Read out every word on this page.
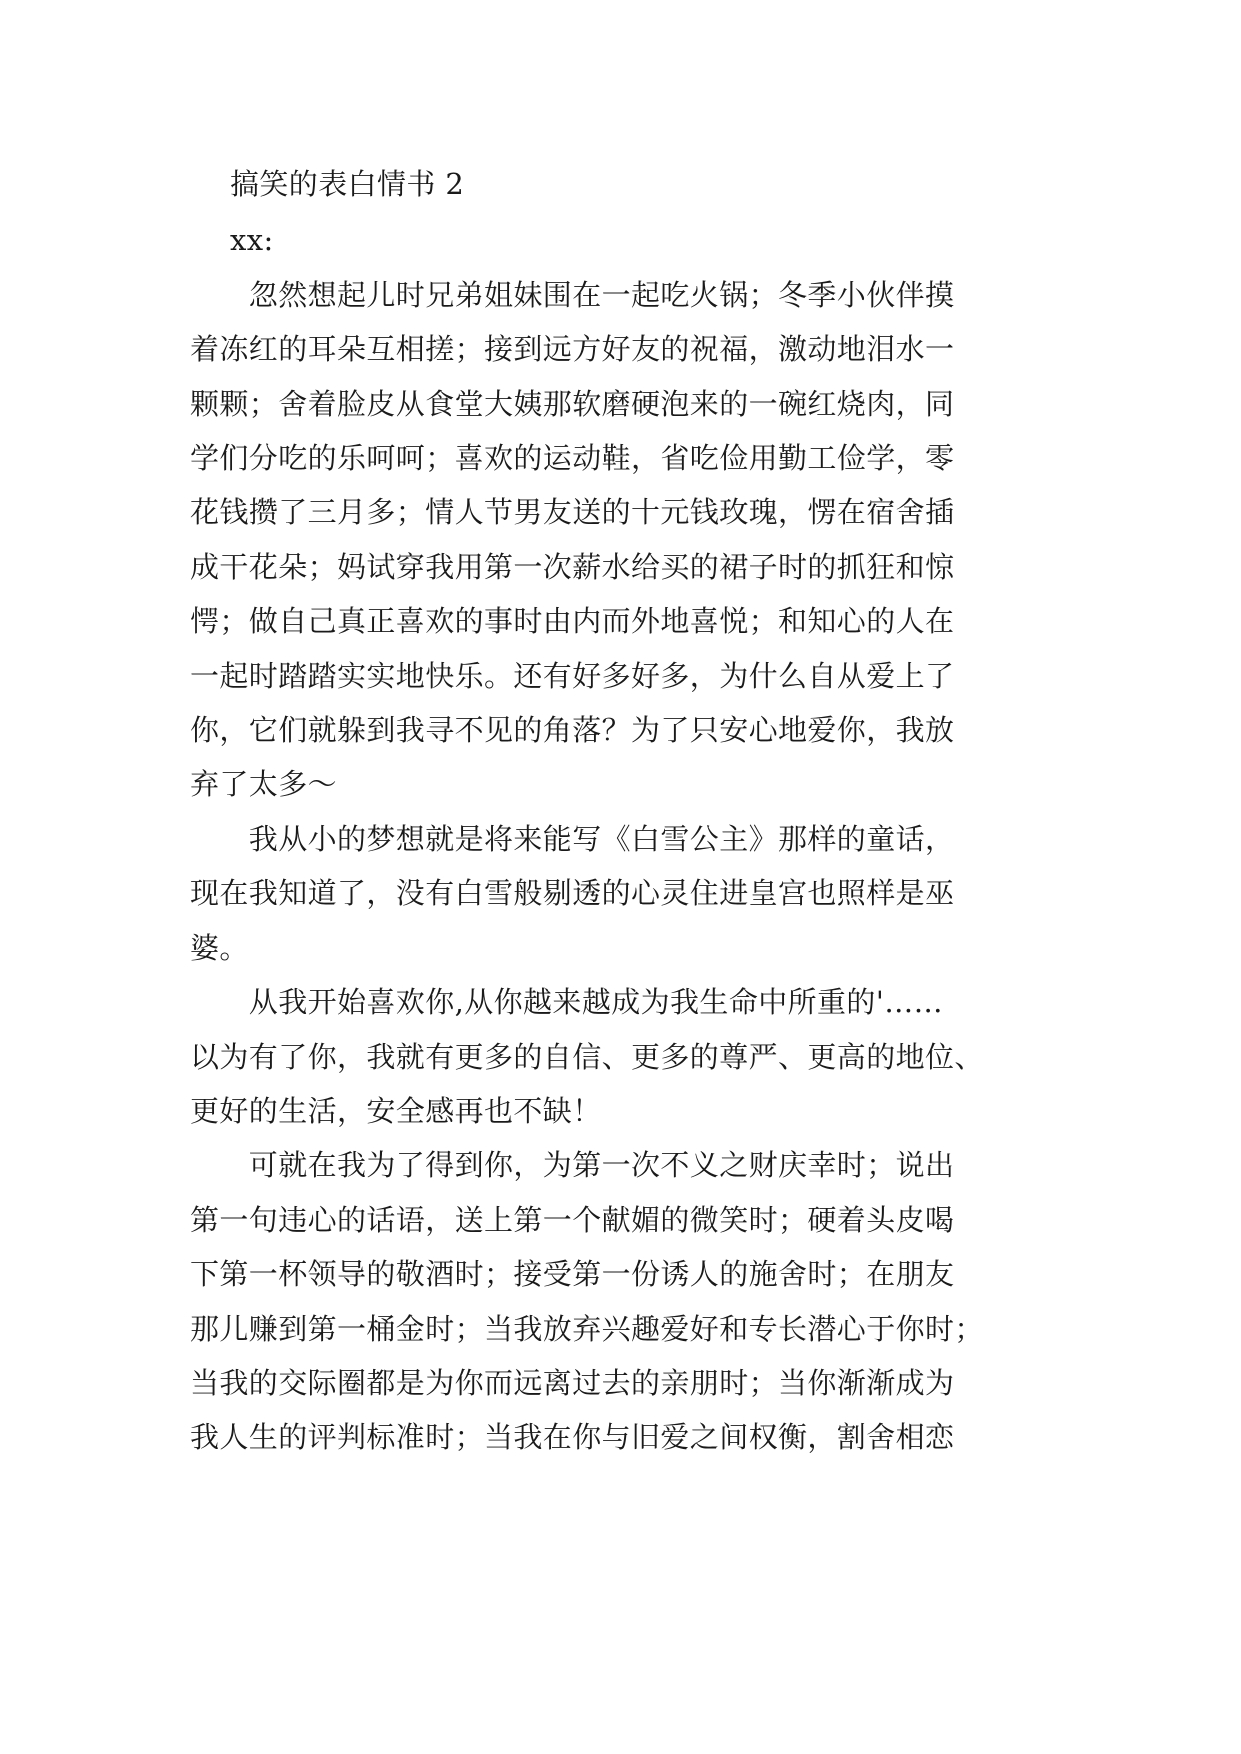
搞笑的表白情书 2
xx:
　　忽然想起儿时兄弟姐妹围在一起吃火锅；冬季小伙伴摸
着冻红的耳朵互相搓；接到远方好友的祝福，激动地泪水一
颗颗；舍着脸皮从食堂大姨那软磨硬泡来的一碗红烧肉，同
学们分吃的乐呵呵；喜欢的运动鞋，省吃俭用勤工俭学，零
花钱攒了三月多；情人节男友送的十元钱玫瑰，愣在宿舍插
成干花朵；妈试穿我用第一次薪水给买的裙子时的抓狂和惊
愕；做自己真正喜欢的事时由内而外地喜悦；和知心的人在
一起时踏踏实实地快乐。还有好多好多，为什么自从爱上了
你，它们就躲到我寻不见的角落？为了只安心地爱你，我放
弃了太多～
　　我从小的梦想就是将来能写《白雪公主》那样的童话，
现在我知道了，没有白雪般剔透的心灵住进皇宫也照样是巫
婆。
　　从我开始喜欢你,从你越来越成为我生命中所重的'……
以为有了你，我就有更多的自信、更多的尊严、更高的地位、
更好的生活，安全感再也不缺！
　　可就在我为了得到你，为第一次不义之财庆幸时；说出
第一句违心的话语，送上第一个献媚的微笑时；硬着头皮喝
下第一杯领导的敬酒时；接受第一份诱人的施舍时；在朋友
那儿赚到第一桶金时；当我放弃兴趣爱好和专长潜心于你时；
当我的交际圈都是为你而远离过去的亲朋时；当你渐渐成为
我人生的评判标准时；当我在你与旧爱之间权衡，割舍相恋
